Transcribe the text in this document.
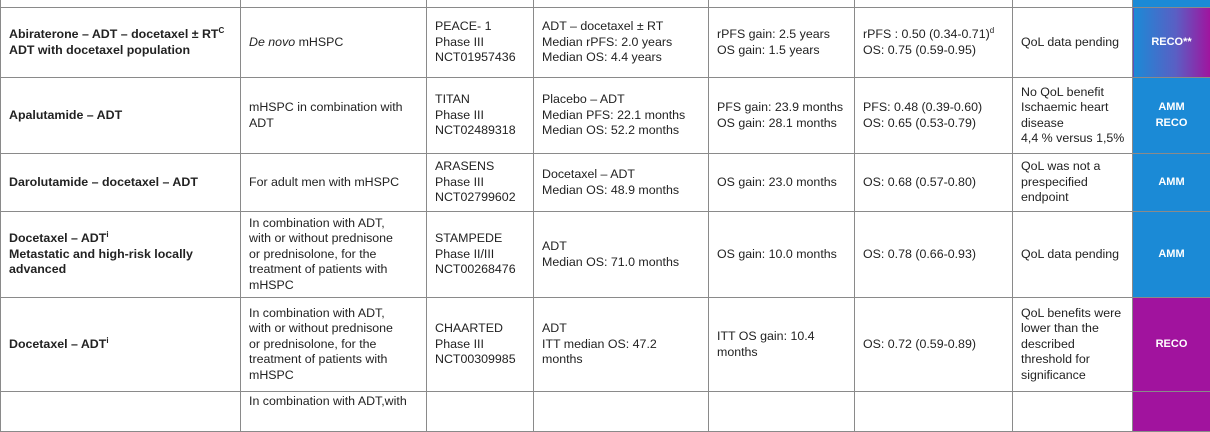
Abiraterone – ADT – docetaxel ± $RT^C$
ADT with docetaxel population	De novo mHSPC	PEACE- 1
Phase III
NCT01957436	ADT – docetaxel ± RT
Median rPFS: 2.0 years
Median OS: 4.4 years	rPFS gain: 2.5 years
OS gain: 1.5 years	rPFS : 0.50 $(0.34-0.71)^d$
OS: 0.75 (0.59-0.95)	QoL data pending	RECO**

Apalutamide – ADT	mHSPC in combination with
ADT	TITAN
Phase III
NCT02489318	Placebo – ADT
Median PFS: 22.1 months
Median OS: 52.2 months	PFS gain: 23.9 months
OS gain: 28.1 months	PFS: 0.48 (0.39-0.60)
OS: 0.65 (0.53-0.79)	No QoL benefit
Ischaemic heart
disease
4,4 % versus 1,5%	AMM
RECO

Darolutamide – docetaxel – ADT	For adult men with mHSPC	ARASENS
Phase III
NCT02799602	Docetaxel – ADT
Median OS: 48.9 months	OS gain: 23.0 months	OS: 0.68 (0.57-0.80)	QoL was not a
prespecified
endpoint	AMM

Docetaxel – ADT$^i$
Metastatic and high-risk locally advanced	In combination with ADT,
with or without prednisone
or prednisolone, for the
treatment of patients with
mHSPC	STAMPEDE
Phase II/III
NCT00268476	ADT
Median OS: 71.0 months	OS gain: 10.0 months	OS: 0.78 (0.66-0.93)	QoL data pending	AMM

Docetaxel – ADT$^i$	In combination with ADT,
with or without prednisone
or prednisolone, for the
treatment of patients with
mHSPC	CHAARTED
Phase III
NCT00309985	ADT
ITT median OS: 47.2
months	ITT OS gain: 10.4
months	OS: 0.72 (0.59-0.89)	QoL benefits were
lower than the
described
threshold for
significance	RECO

	In combination with ADT,with						
